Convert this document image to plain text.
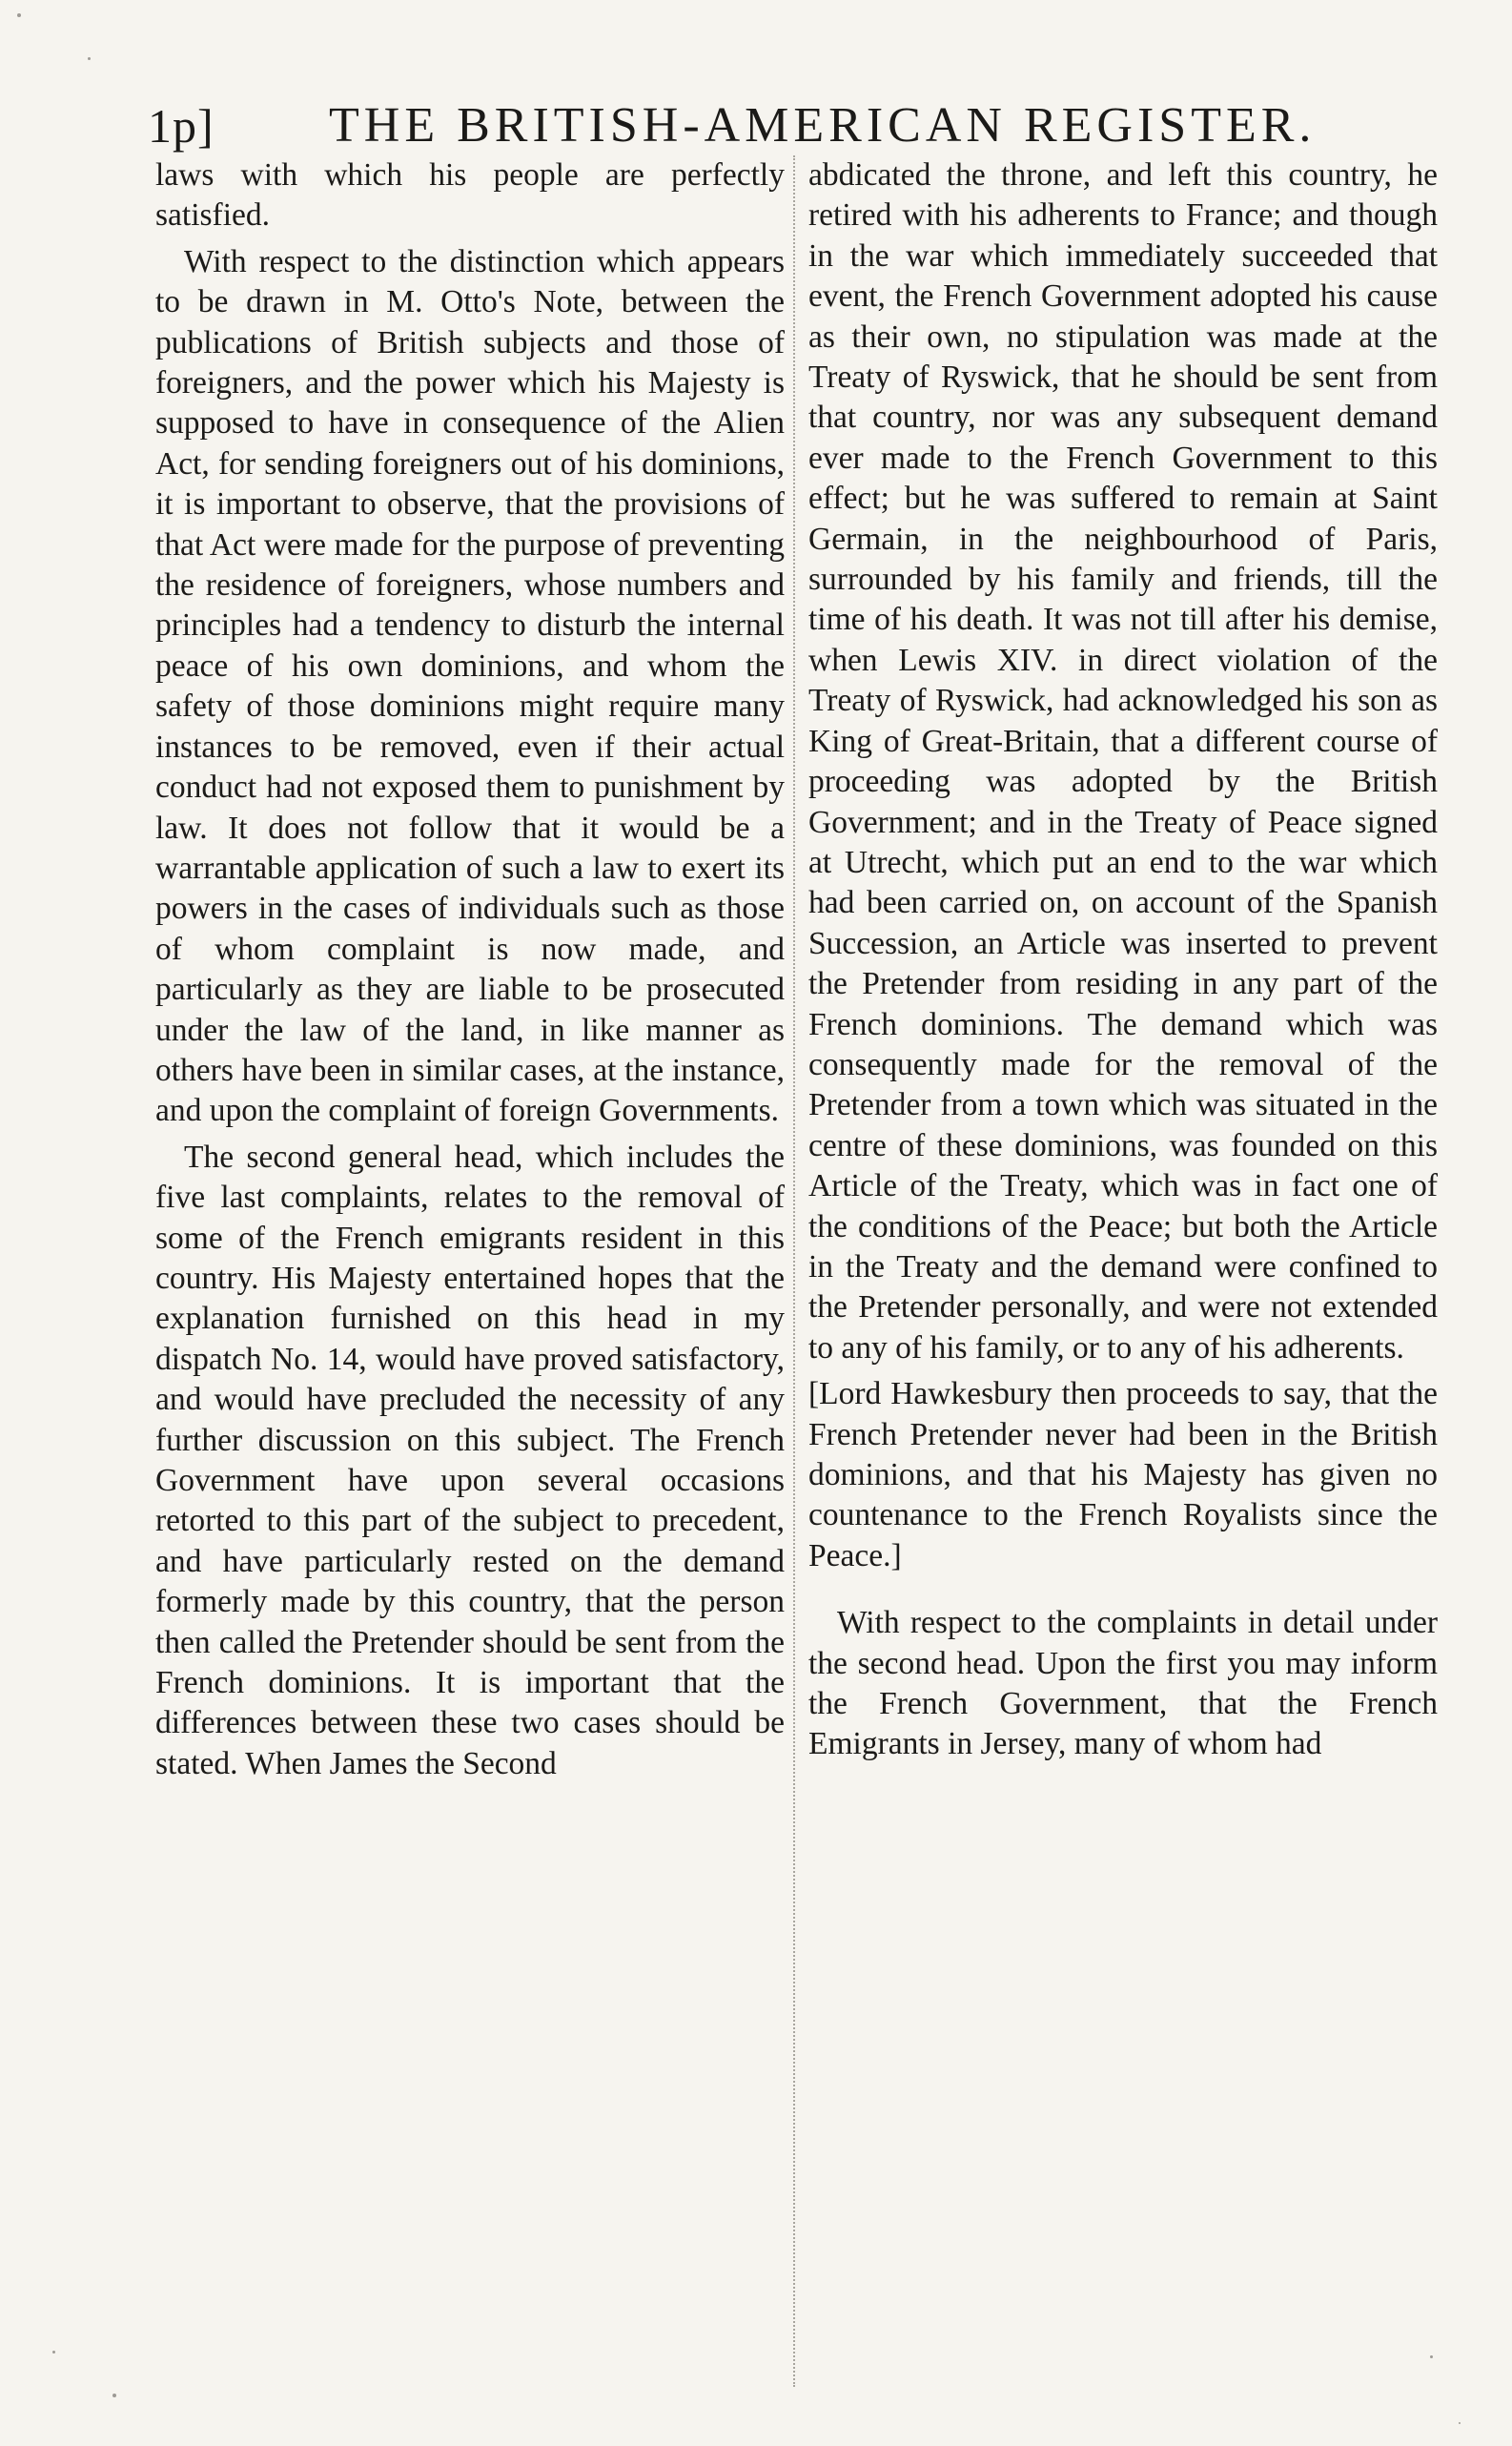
1p] THE BRITISH-AMERICAN REGISTER.

laws with which his people are perfectly satisfied.

With respect to the distinction which appears to be drawn in M. Otto's Note, between the publications of British subjects and those of foreigners, and the power which his Majesty is supposed to have in consequence of the Alien Act, for sending foreigners out of his dominions, it is important to observe, that the provisions of that Act were made for the purpose of preventing the residence of foreigners, whose numbers and principles had a tendency to disturb the internal peace of his own dominions, and whom the safety of those dominions might require many instances to be removed, even if their actual conduct had not exposed them to punishment by law. It does not follow that it would be a warrantable application of such a law to exert its powers in the cases of individuals such as those of whom complaint is now made, and particularly as they are liable to be prosecuted under the law of the land, in like manner as others have been in similar cases, at the instance, and upon the complaint of foreign Governments.

The second general head, which includes the five last complaints, relates to the removal of some of the French emigrants resident in this country. His Majesty entertained hopes that the explanation furnished on this head in my dispatch No. 14, would have proved satisfactory, and would have precluded the necessity of any further discussion on this subject. The French Government have upon several occasions retorted to this part of the subject to precedent, and have particularly rested on the demand formerly made by this country, that the person then called the Pretender should be sent from the French dominions. It is important that the differences between these two cases should be stated. When James the Second

abdicated the throne, and left this country, he retired with his adherents to France; and though in the war which immediately succeeded that event, the French Government adopted his cause as their own, no stipulation was made at the Treaty of Ryswick, that he should be sent from that country, nor was any subsequent demand ever made to the French Government to this effect; but he was suffered to remain at Saint Germain, in the neighbourhood of Paris, surrounded by his family and friends, till the time of his death. It was not till after his demise, when Lewis XIV. in direct violation of the Treaty of Ryswick, had acknowledged his son as King of Great-Britain, that a different course of proceeding was adopted by the British Government; and in the Treaty of Peace signed at Utrecht, which put an end to the war which had been carried on, on account of the Spanish Succession, an Article was inserted to prevent the Pretender from residing in any part of the French dominions. The demand which was consequently made for the removal of the Pretender from a town which was situated in the centre of these dominions, was founded on this Article of the Treaty, which was in fact one of the conditions of the Peace; but both the Article in the Treaty and the demand were confined to the Pretender personally, and were not extended to any of his family, or to any of his adherents.

[Lord Hawkesbury then proceeds to say, that the French Pretender never had been in the British dominions, and that his Majesty has given no countenance to the French Royalists since the Peace.]

With respect to the complaints in detail under the second head. Upon the first you may inform the French Government, that the French Emigrants in Jersey, many of whom had
